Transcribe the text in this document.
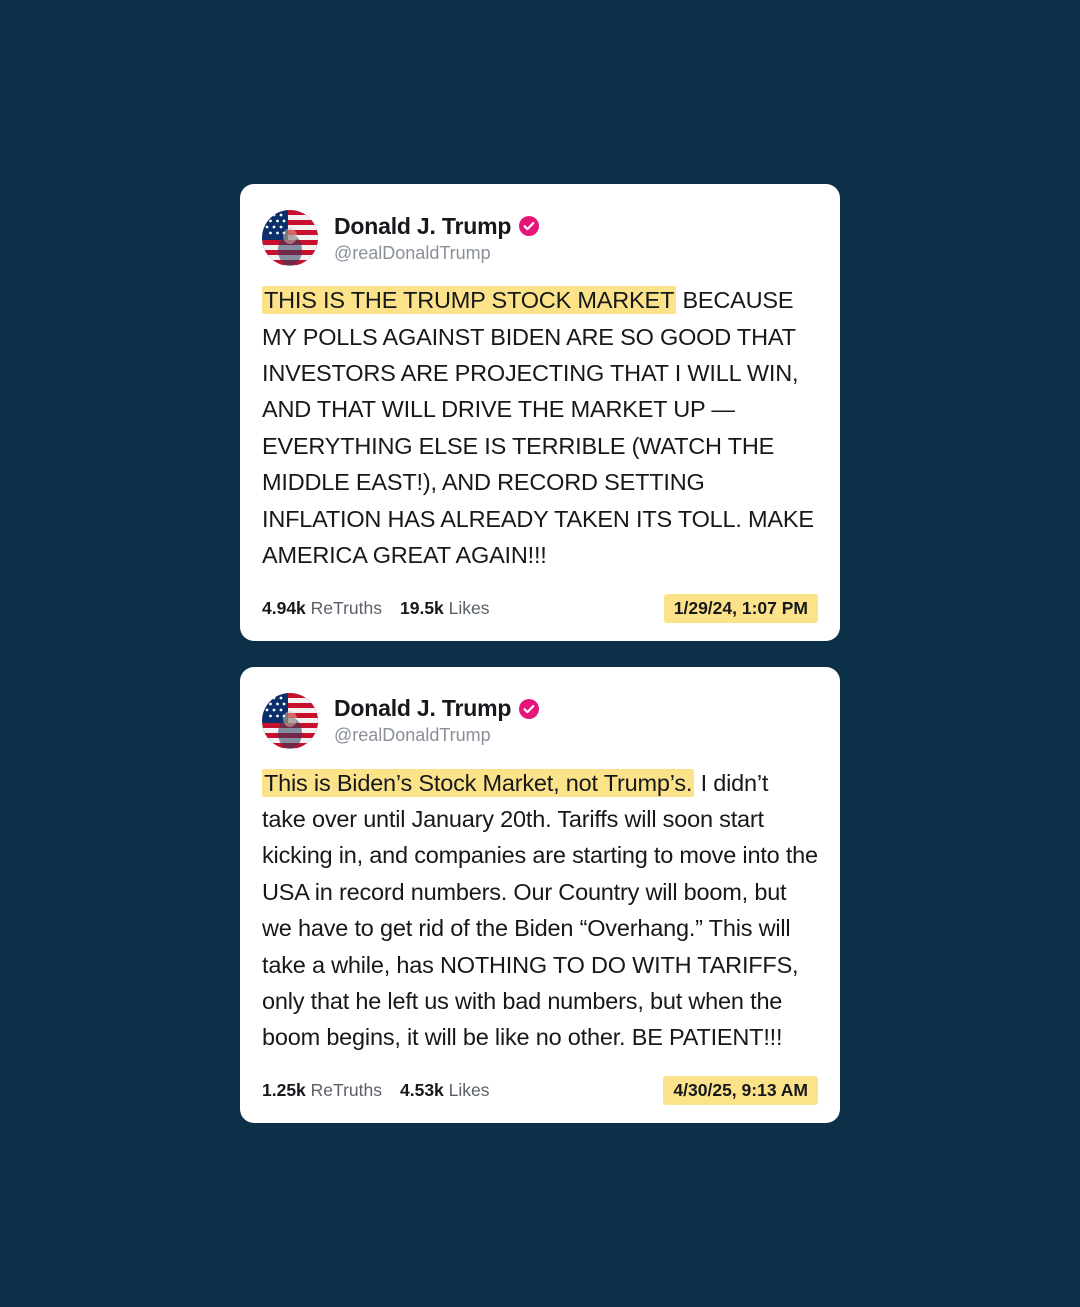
Donald J. Trump
@realDonaldTrump
THIS IS THE TRUMP STOCK MARKET BECAUSE MY POLLS AGAINST BIDEN ARE SO GOOD THAT INVESTORS ARE PROJECTING THAT I WILL WIN, AND THAT WILL DRIVE THE MARKET UP — EVERYTHING ELSE IS TERRIBLE (WATCH THE MIDDLE EAST!), AND RECORD SETTING INFLATION HAS ALREADY TAKEN ITS TOLL. MAKE AMERICA GREAT AGAIN!!!
4.94k ReTruths 19.5k Likes	1/29/24, 1:07 PM
Donald J. Trump
@realDonaldTrump
This is Biden’s Stock Market, not Trump’s. I didn’t take over until January 20th. Tariffs will soon start kicking in, and companies are starting to move into the USA in record numbers. Our Country will boom, but we have to get rid of the Biden “Overhang.” This will take a while, has NOTHING TO DO WITH TARIFFS, only that he left us with bad numbers, but when the boom begins, it will be like no other. BE PATIENT!!!
1.25k ReTruths 4.53k Likes	4/30/25, 9:13 AM
